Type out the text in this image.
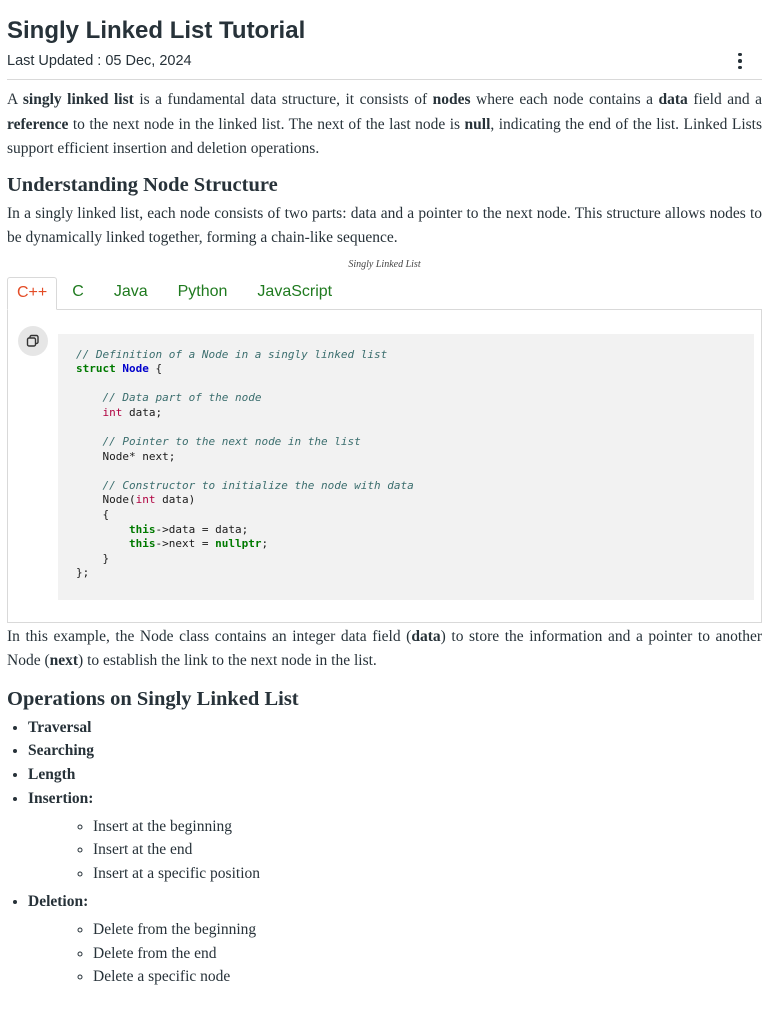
Singly Linked List Tutorial
Last Updated : 05 Dec, 2024

A singly linked list is a fundamental data structure, it consists of nodes where each node contains a data field and a reference to the next node in the linked list. The next of the last node is null, indicating the end of the list. Linked Lists support efficient insertion and deletion operations.

Understanding Node Structure

In a singly linked list, each node consists of two parts: data and a pointer to the next node. This structure allows nodes to be dynamically linked together, forming a chain-like sequence.

Singly Linked List
C++	C	Java	Python	JavaScript
// Definition of a Node in a singly linked list
struct Node {

// Data part of the node
int data;

// Pointer to the next node in the list
Node* next;

// Constructor to initialize the node with data
Node(int data)
{
this->data = data;
this->next = nullptr;
}
};

In this example, the Node class contains an integer data field (data) to store the information and a pointer to another Node (next) to establish the link to the next node in the list.

Operations on Singly Linked List
• Traversal
• Searching
• Length
• Insertion:
◦ Insert at the beginning
◦ Insert at the end
◦ Insert at a specific position
• Deletion:
◦ Delete from the beginning
◦ Delete from the end
◦ Delete a specific node
